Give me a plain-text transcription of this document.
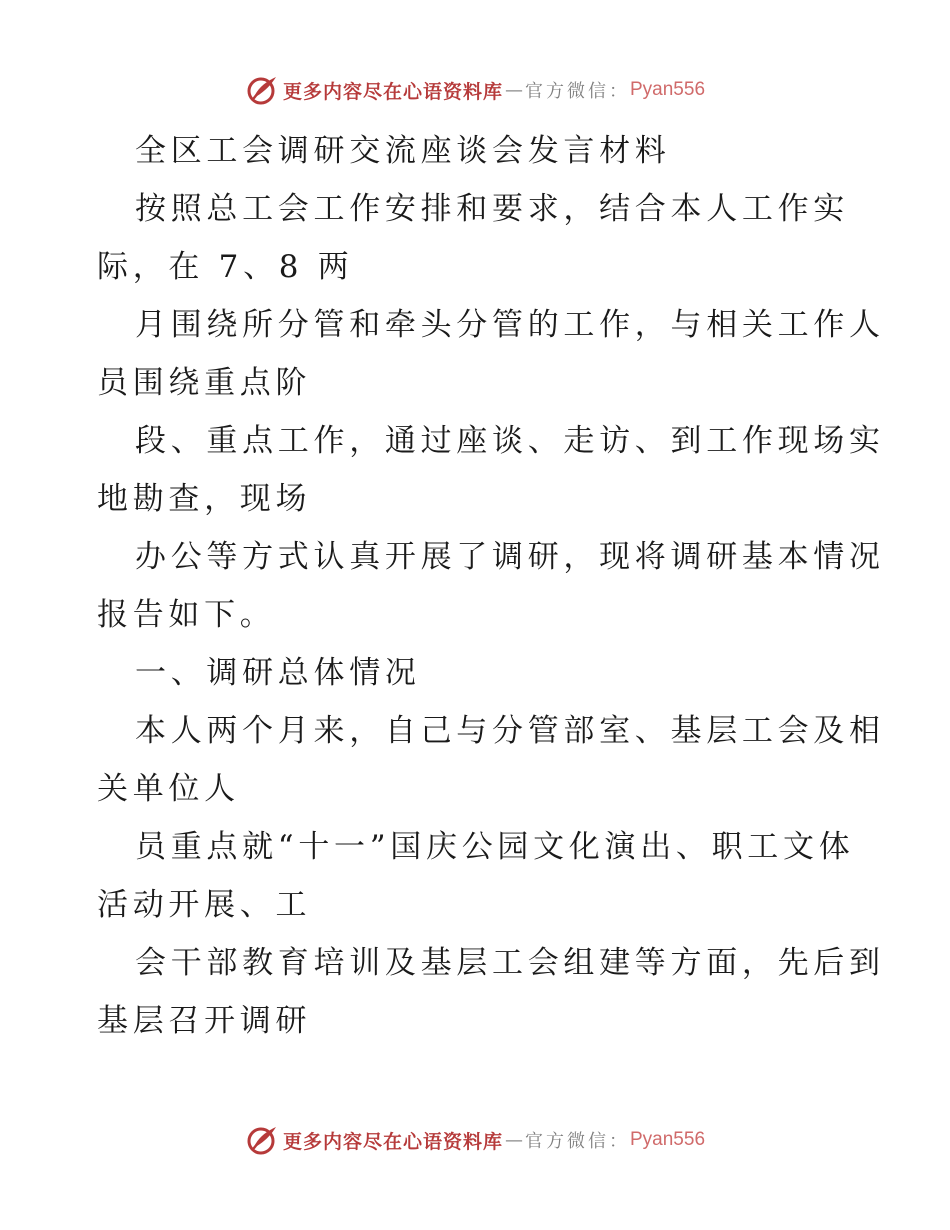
更多内容尽在心语资料库 — 官方微信： Pyan556
全区工会调研交流座谈会发言材料
按照总工会工作安排和要求，结合本人工作实
际，在 7、8 两
月围绕所分管和牵头分管的工作，与相关工作人
员围绕重点阶
段、重点工作，通过座谈、走访、到工作现场实
地勘查，现场
办公等方式认真开展了调研，现将调研基本情况
报告如下。
一、调研总体情况
本人两个月来，自己与分管部室、基层工会及相
关单位人
员重点就“十一”国庆公园文化演出、职工文体
活动开展、工
会干部教育培训及基层工会组建等方面，先后到
基层召开调研
更多内容尽在心语资料库 — 官方微信： Pyan556
